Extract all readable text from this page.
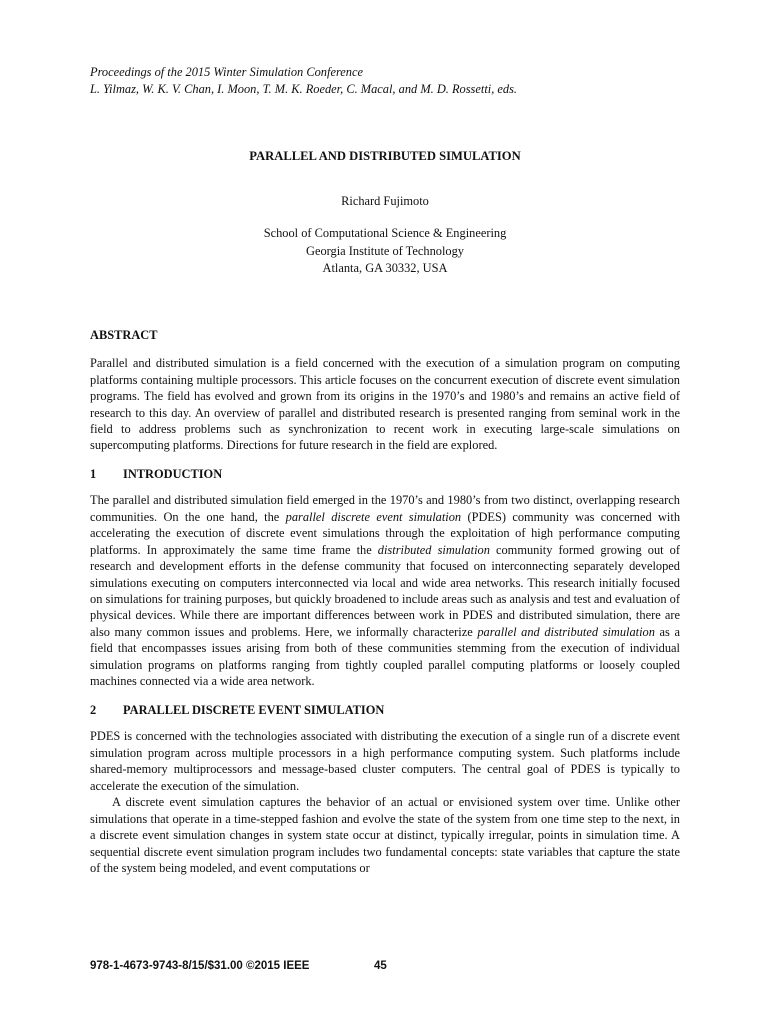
Proceedings of the 2015 Winter Simulation Conference
L. Yilmaz, W. K. V. Chan, I. Moon, T. M. K. Roeder, C. Macal, and M. D. Rossetti, eds.
PARALLEL AND DISTRIBUTED SIMULATION
Richard Fujimoto
School of Computational Science & Engineering
Georgia Institute of Technology
Atlanta, GA 30332, USA
ABSTRACT

Parallel and distributed simulation is a field concerned with the execution of a simulation program on computing platforms containing multiple processors. This article focuses on the concurrent execution of discrete event simulation programs. The field has evolved and grown from its origins in the 1970’s and 1980’s and remains an active field of research to this day. An overview of parallel and distributed research is presented ranging from seminal work in the field to address problems such as synchronization to recent work in executing large-scale simulations on supercomputing platforms. Directions for future research in the field are explored.

1 INTRODUCTION

The parallel and distributed simulation field emerged in the 1970’s and 1980’s from two distinct, overlapping research communities. On the one hand, the parallel discrete event simulation (PDES) community was concerned with accelerating the execution of discrete event simulations through the exploitation of high performance computing platforms. In approximately the same time frame the distributed simulation community formed growing out of research and development efforts in the defense community that focused on interconnecting separately developed simulations executing on computers interconnected via local and wide area networks. This research initially focused on simulations for training purposes, but quickly broadened to include areas such as analysis and test and evaluation of physical devices. While there are important differences between work in PDES and distributed simulation, there are also many common issues and problems. Here, we informally characterize parallel and distributed simulation as a field that encompasses issues arising from both of these communities stemming from the execution of individual simulation programs on platforms ranging from tightly coupled parallel computing platforms or loosely coupled machines connected via a wide area network.

2 PARALLEL DISCRETE EVENT SIMULATION

PDES is concerned with the technologies associated with distributing the execution of a single run of a discrete event simulation program across multiple processors in a high performance computing system. Such platforms include shared-memory multiprocessors and message-based cluster computers. The central goal of PDES is typically to accelerate the execution of the simulation.

A discrete event simulation captures the behavior of an actual or envisioned system over time. Unlike other simulations that operate in a time-stepped fashion and evolve the state of the system from one time step to the next, in a discrete event simulation changes in system state occur at distinct, typically irregular, points in simulation time. A sequential discrete event simulation program includes two fundamental concepts: state variables that capture the state of the system being modeled, and event computations or

978-1-4673-9743-8/15/$31.00 ©2015 IEEE	45
